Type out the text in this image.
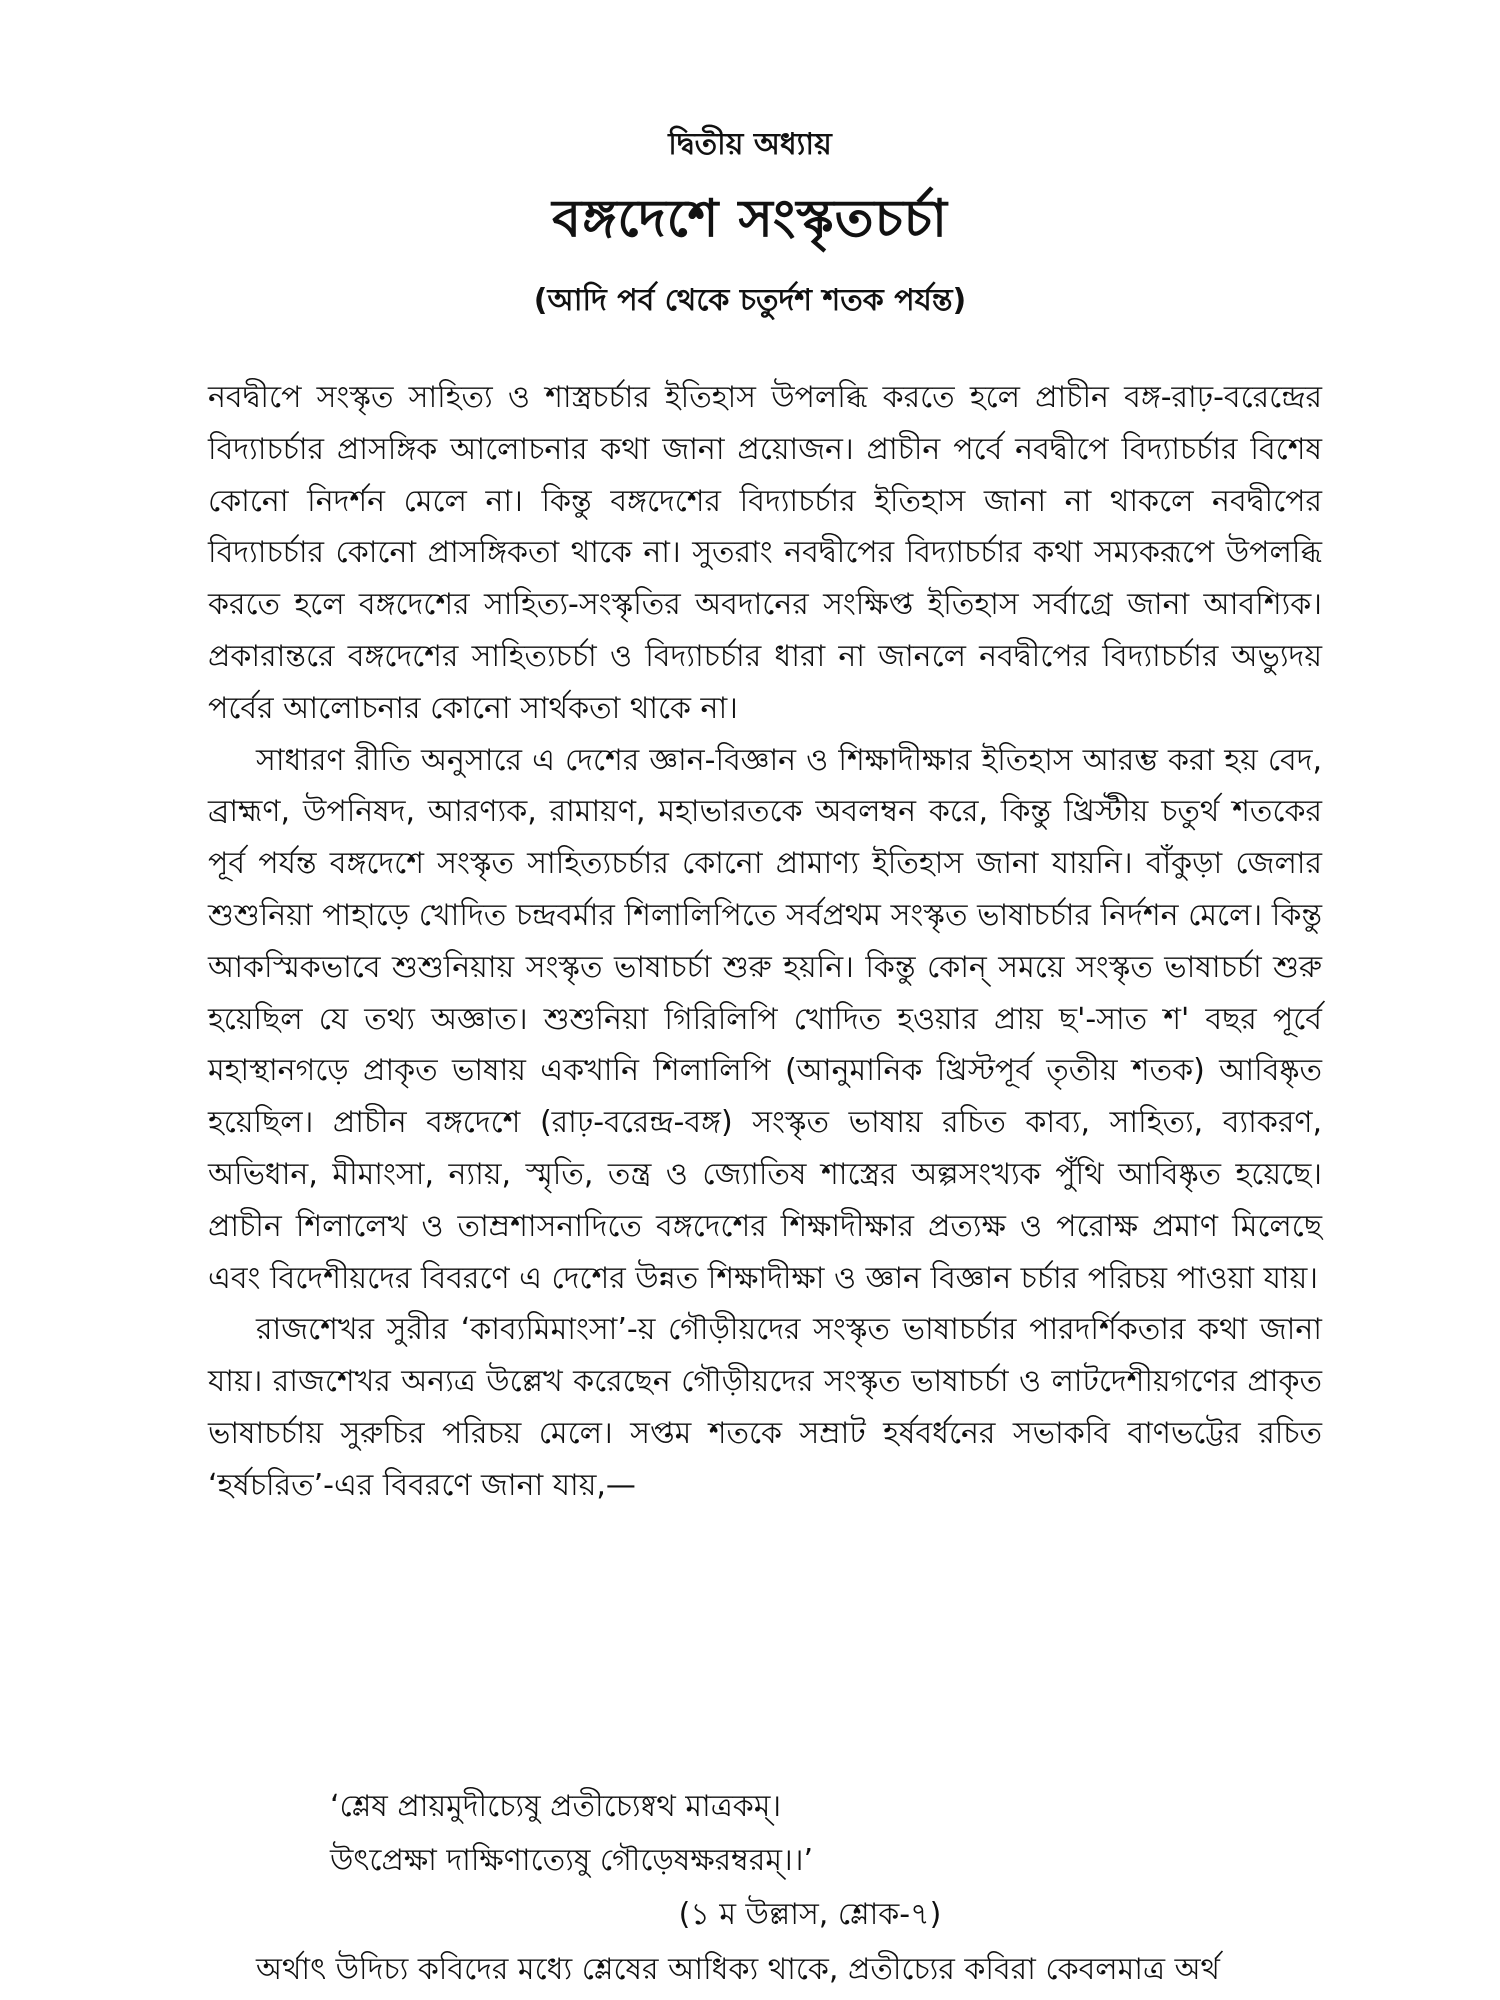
দ্বিতীয় অধ্যায়
বঙ্গদেশে সংস্কৃতচর্চা
(আদি পর্ব থেকে চতুর্দশ শতক পর্যন্ত)

নবদ্বীপে সংস্কৃত সাহিত্য ও শাস্ত্রচর্চার ইতিহাস উপলব্ধি করতে হলে প্রাচীন বঙ্গ-রাঢ়-বরেন্দ্রের বিদ্যাচর্চার প্রাসঙ্গিক আলোচনার কথা জানা প্রয়োজন। প্রাচীন পর্বে নবদ্বীপে বিদ্যাচর্চার বিশেষ কোনো নিদর্শন মেলে না। কিন্তু বঙ্গদেশের বিদ্যাচর্চার ইতিহাস জানা না থাকলে নবদ্বীপের বিদ্যাচর্চার কোনো প্রাসঙ্গিকতা থাকে না। সুতরাং নবদ্বীপের বিদ্যাচর্চার কথা সম্যকরূপে উপলব্ধি করতে হলে বঙ্গদেশের সাহিত্য-সংস্কৃতির অবদানের সংক্ষিপ্ত ইতিহাস সর্বাগ্রে জানা আবশ্যিক। প্রকারান্তরে বঙ্গদেশের সাহিত্যচর্চা ও বিদ্যাচর্চার ধারা না জানলে নবদ্বীপের বিদ্যাচর্চার অভ্যুদয় পর্বের আলোচনার কোনো সার্থকতা থাকে না।

সাধারণ রীতি অনুসারে এ দেশের জ্ঞান-বিজ্ঞান ও শিক্ষাদীক্ষার ইতিহাস আরম্ভ করা হয় বেদ, ব্রাহ্মণ, উপনিষদ, আরণ্যক, রামায়ণ, মহাভারতকে অবলম্বন করে, কিন্তু খ্রিস্টীয় চতুর্থ শতকের পূর্ব পর্যন্ত বঙ্গদেশে সংস্কৃত সাহিত্যচর্চার কোনো প্রামাণ্য ইতিহাস জানা যায়নি। বাঁকুড়া জেলার শুশুনিয়া পাহাড়ে খোদিত চন্দ্রবর্মার শিলালিপিতে সর্বপ্রথম সংস্কৃত ভাষাচর্চার নির্দশন মেলে। কিন্তু আকস্মিকভাবে শুশুনিয়ায় সংস্কৃত ভাষাচর্চা শুরু হয়নি। কিন্তু কোন্ সময়ে সংস্কৃত ভাষাচর্চা শুরু হয়েছিল যে তথ্য অজ্ঞাত। শুশুনিয়া গিরিলিপি খোদিত হওয়ার প্রায় ছ'-সাত শ' বছর পূর্বে মহাস্থানগড়ে প্রাকৃত ভাষায় একখানি শিলালিপি (আনুমানিক খ্রিস্টপূর্ব তৃতীয় শতক) আবিষ্কৃত হয়েছিল। প্রাচীন বঙ্গদেশে (রাঢ়-বরেন্দ্র-বঙ্গ) সংস্কৃত ভাষায় রচিত কাব্য, সাহিত্য, ব্যাকরণ, অভিধান, মীমাংসা, ন্যায়, স্মৃতি, তন্ত্র ও জ্যোতিষ শাস্ত্রের অল্পসংখ্যক পুঁথি আবিষ্কৃত হয়েছে। প্রাচীন শিলালেখ ও তাম্রশাসনাদিতে বঙ্গদেশের শিক্ষাদীক্ষার প্রত্যক্ষ ও পরোক্ষ প্রমাণ মিলেছে এবং বিদেশীয়দের বিবরণে এ দেশের উন্নত শিক্ষাদীক্ষা ও জ্ঞান বিজ্ঞান চর্চার পরিচয় পাওয়া যায়।

রাজশেখর সুরীর ‘কাব্যমিমাংসা’-য় গৌড়ীয়দের সংস্কৃত ভাষাচর্চার পারদর্শিকতার কথা জানা যায়। রাজশেখর অন্যত্র উল্লেখ করেছেন গৌড়ীয়দের সংস্কৃত ভাষাচর্চা ও লাটদেশীয়গণের প্রাকৃত ভাষাচর্চায় সুরুচির পরিচয় মেলে। সপ্তম শতকে সম্রাট হর্ষবর্ধনের সভাকবি বাণভট্টের রচিত ‘হর্ষচরিত’-এর বিবরণে জানা যায়,—

‘শ্লেষ প্রায়মুদীচ্যেষু প্রতীচ্যেষ্বথ মাত্রকম্।
উৎপ্রেক্ষা দাক্ষিণাত্যেষু গৌড়েষক্ষরম্বরম্।।’
(১ ম উল্লাস, শ্লোক-৭)
অর্থাৎ উদিচ্য কবিদের মধ্যে শ্লেষের আধিক্য থাকে, প্রতীচ্যের কবিরা কেবলমাত্র অর্থ
